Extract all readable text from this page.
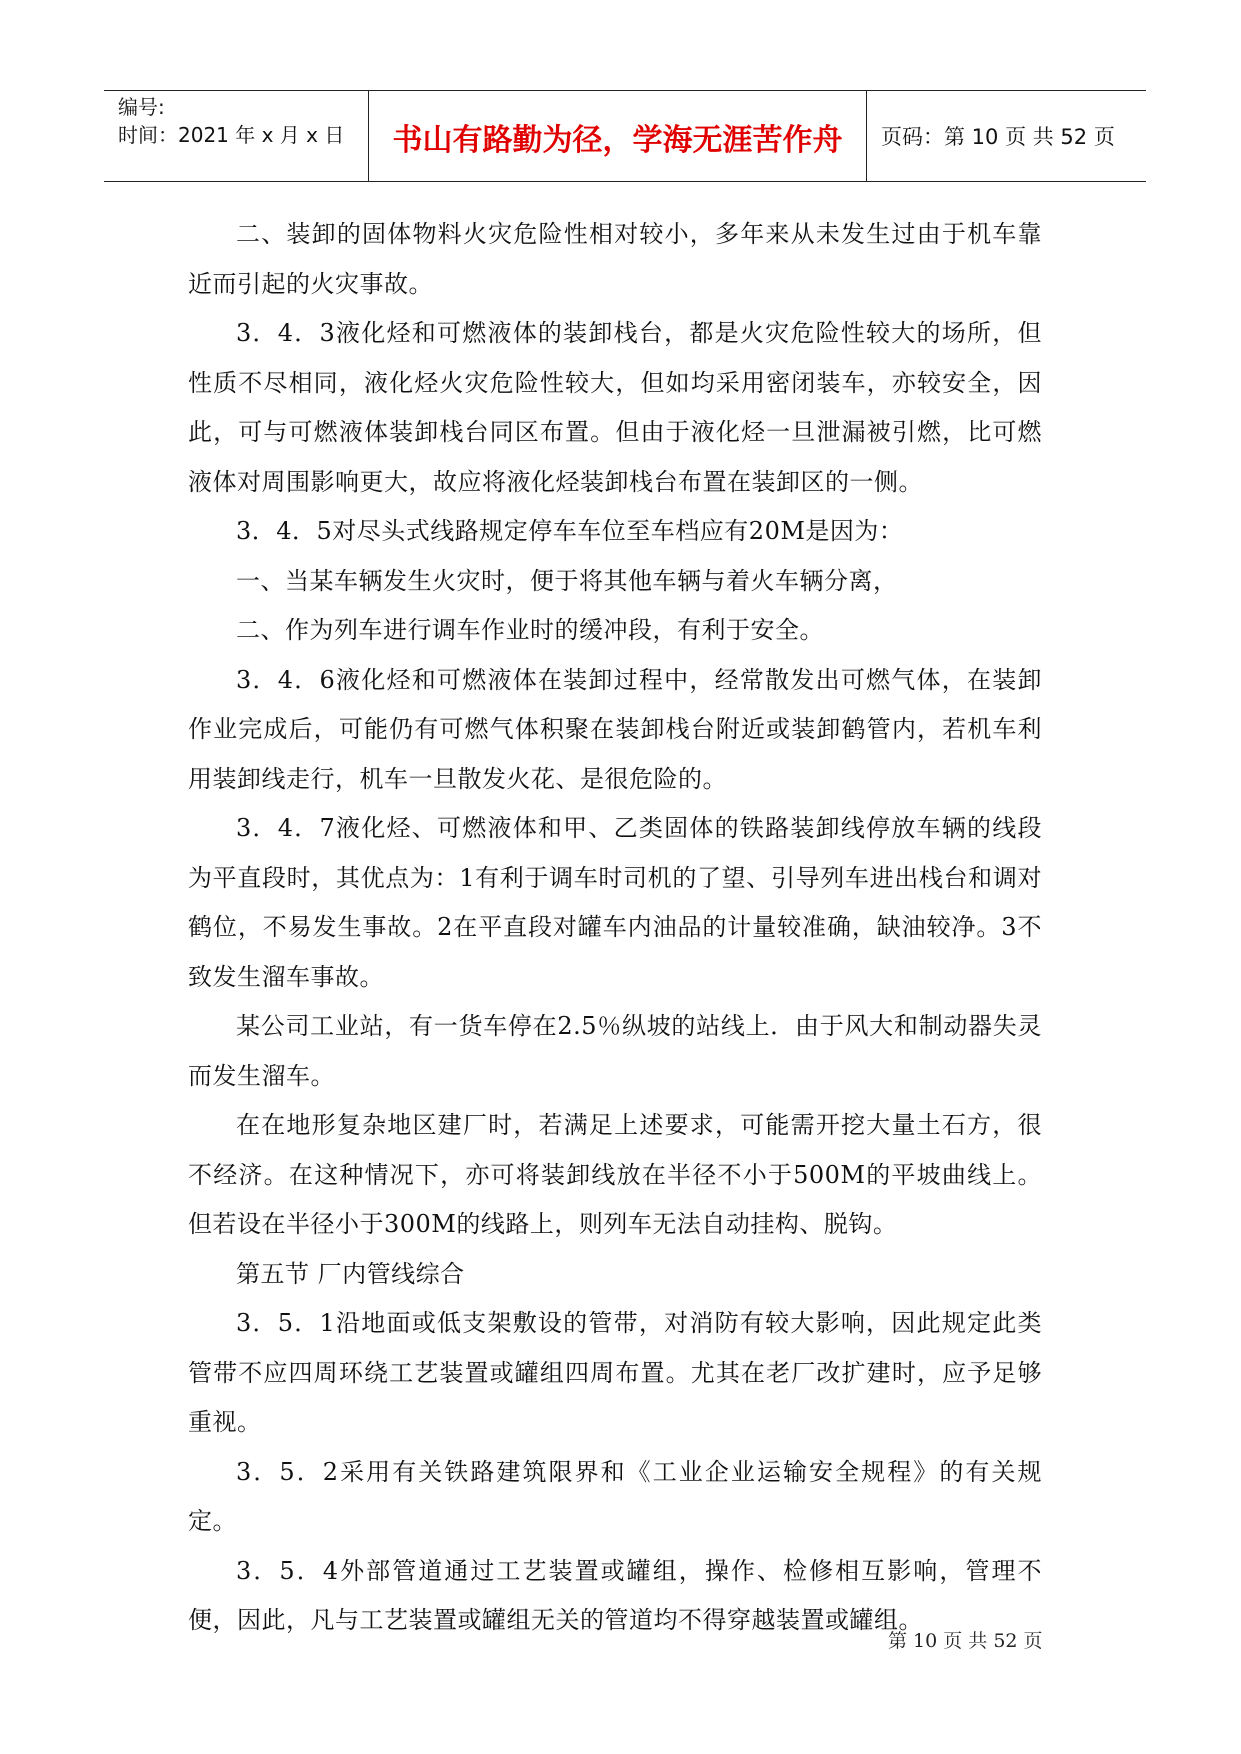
编号:
时间：2021 年 x 月 x 日 书山有路勤为径，学海无涯苦作舟 页码：第 10 页 共 52 页

二、装卸的固体物料火灾危险性相对较小，多年来从未发生过由于机车靠近而引起的火灾事故。

3．4．3液化烃和可燃液体的装卸栈台，都是火灾危险性较大的场所，但性质不尽相同，液化烃火灾危险性较大，但如均采用密闭装车，亦较安全，因此，可与可燃液体装卸栈台同区布置。但由于液化烃一旦泄漏被引燃，比可燃液体对周围影响更大，故应将液化烃装卸栈台布置在装卸区的一侧。

3．4．5对尽头式线路规定停车车位至车档应有20M是因为：

一、当某车辆发生火灾时，便于将其他车辆与着火车辆分离，

二、作为列车进行调车作业时的缓冲段，有利于安全。

3．4．6液化烃和可燃液体在装卸过程中，经常散发出可燃气体，在装卸作业完成后，可能仍有可燃气体积聚在装卸栈台附近或装卸鹤管内，若机车利用装卸线走行，机车一旦散发火花、是很危险的。

3．4．7液化烃、可燃液体和甲、乙类固体的铁路装卸线停放车辆的线段为平直段时，其优点为：1有利于调车时司机的了望、引导列车进出栈台和调对鹤位，不易发生事故。2在平直段对罐车内油品的计量较准确，缺油较净。3不致发生溜车事故。

某公司工业站，有一货车停在2.5％纵坡的站线上．由于风大和制动器失灵而发生溜车。

在在地形复杂地区建厂时，若满足上述要求，可能需开挖大量土石方，很不经济。在这种情况下，亦可将装卸线放在半径不小于500M的平坡曲线上。但若设在半径小于300M的线路上，则列车无法自动挂构、脱钩。

第五节 厂内管线综合

3．5．1沿地面或低支架敷设的管带，对消防有较大影响，因此规定此类管带不应四周环绕工艺装置或罐组四周布置。尤其在老厂改扩建时，应予足够重视。

3．5．2采用有关铁路建筑限界和《工业企业运输安全规程》的有关规定。

3．5．4外部管道通过工艺装置或罐组，操作、检修相互影响，管理不便，因此，凡与工艺装置或罐组无关的管道均不得穿越装置或罐组。

第 10 页 共 52 页
